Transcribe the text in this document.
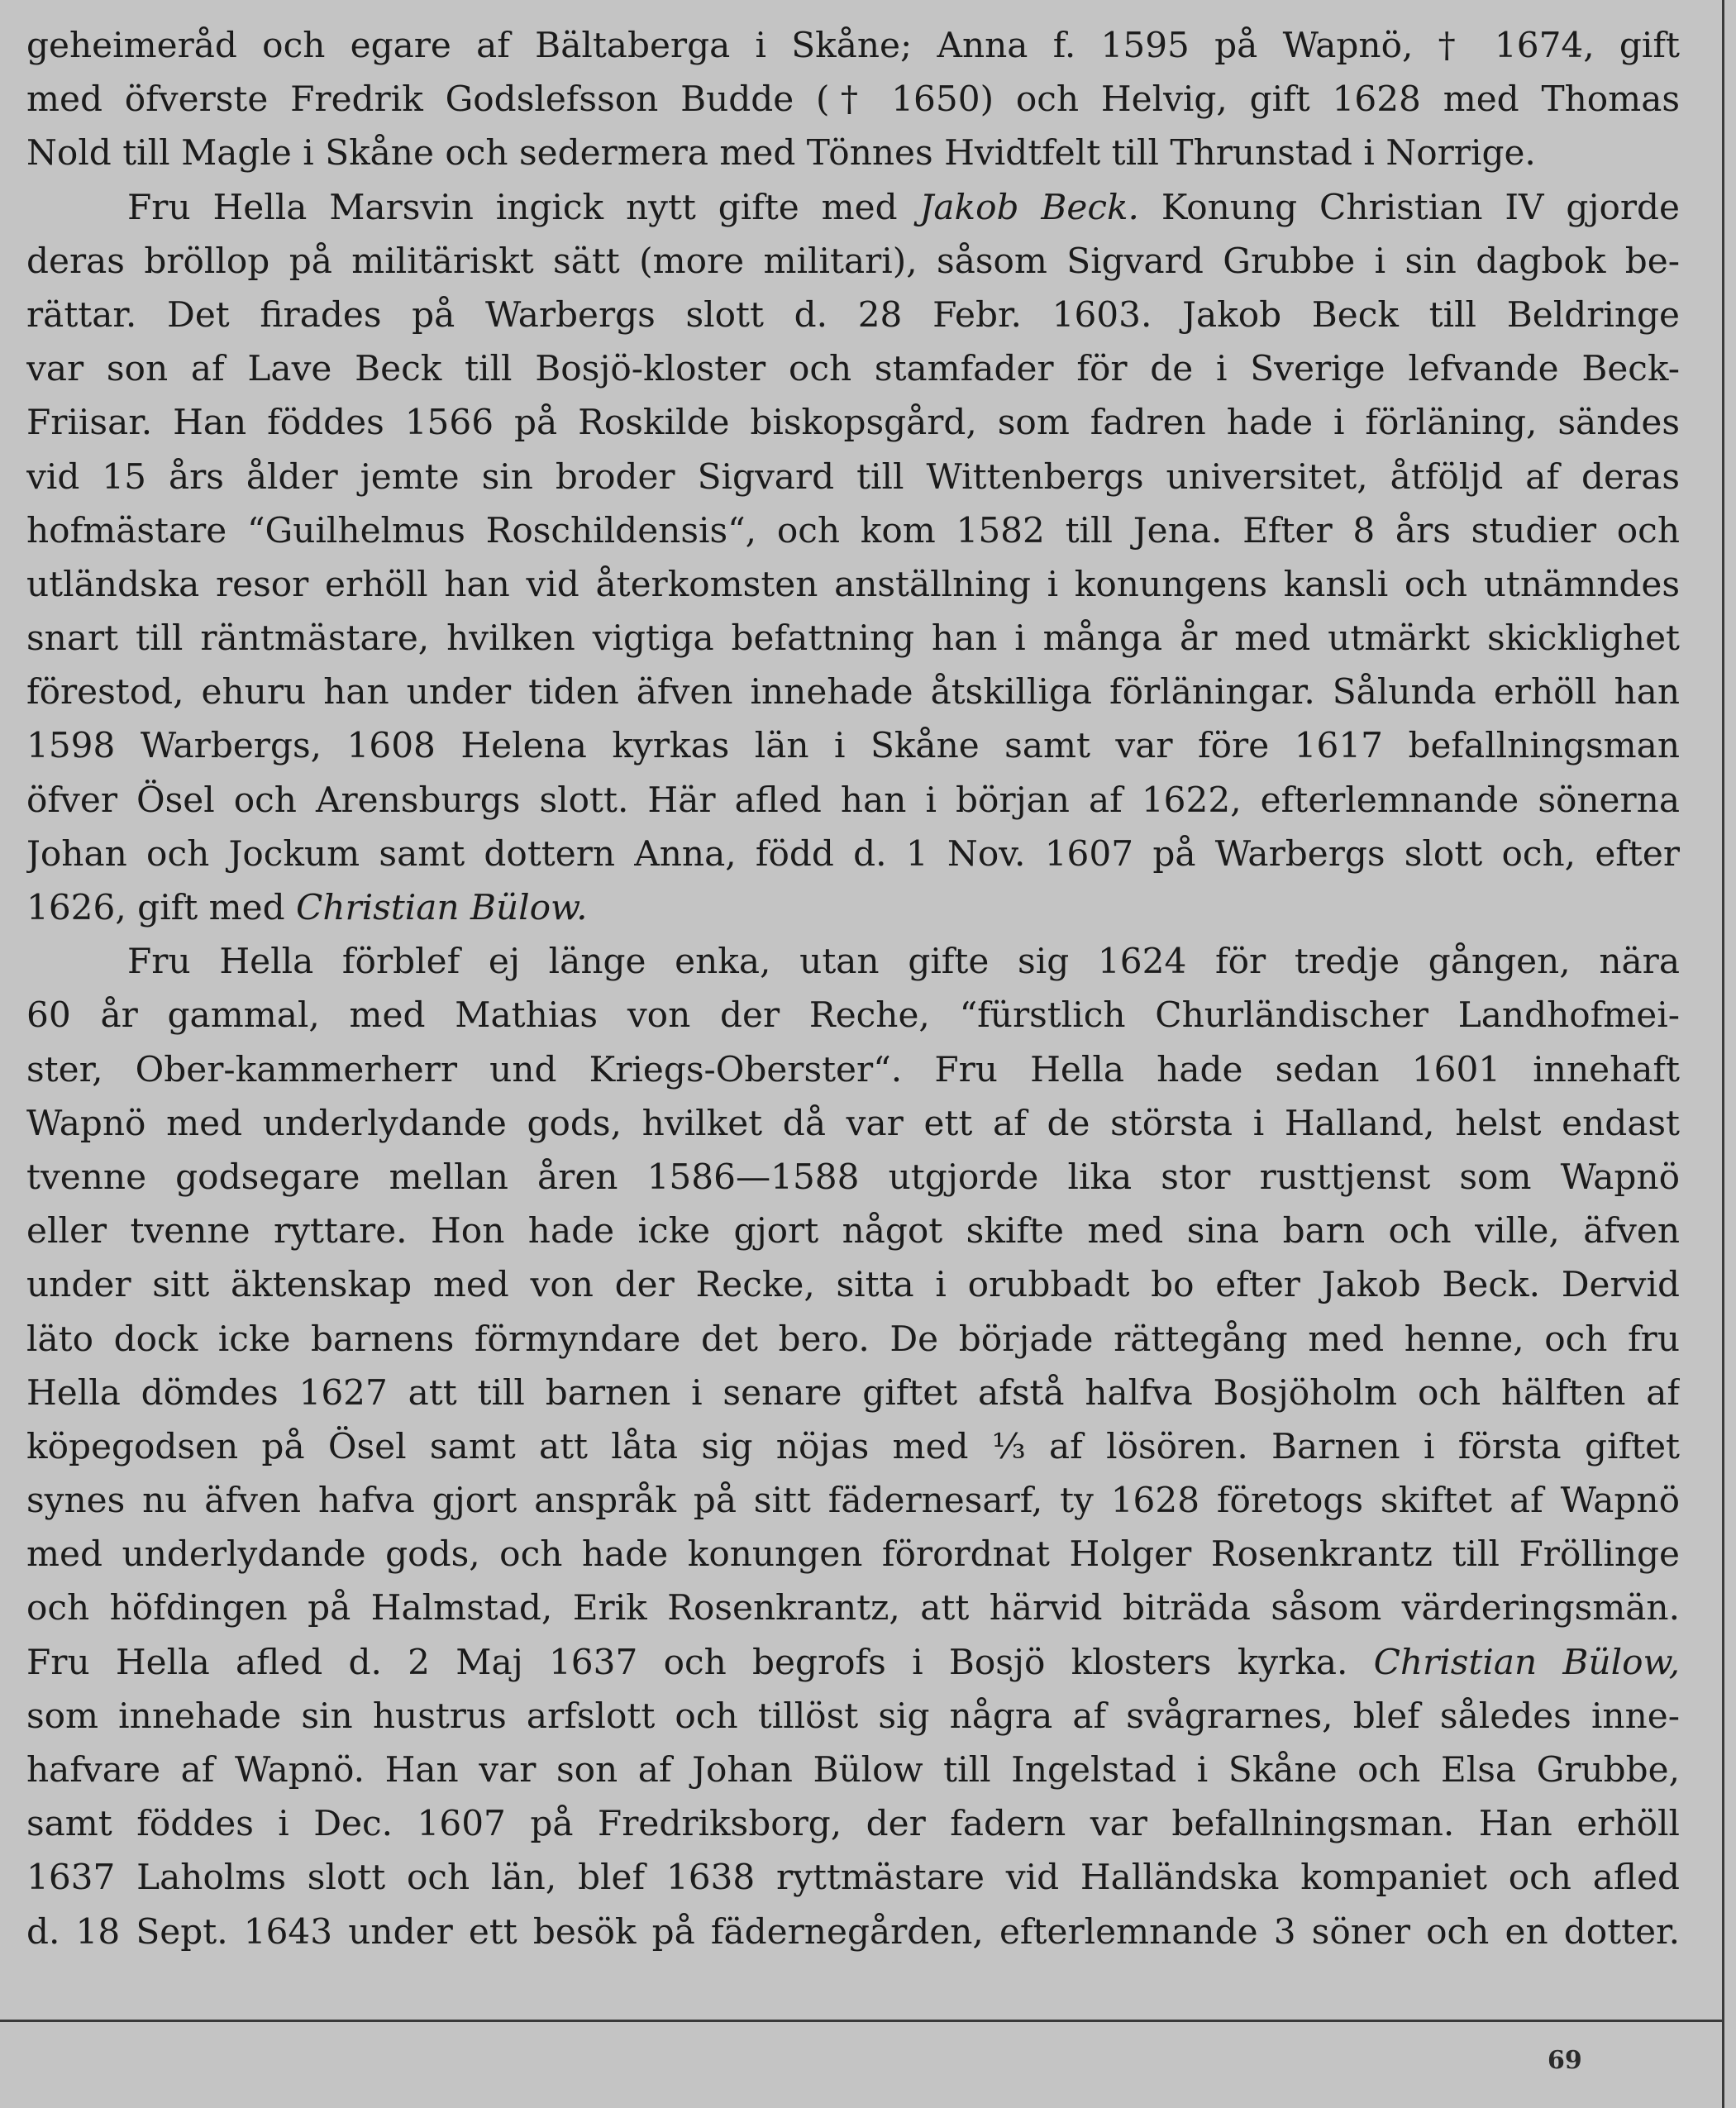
geheimeråd och egare af Bältaberga i Skåne; Anna f. 1595 på Wapnö, † 1674, gift
med öfverste Fredrik Godslefsson Budde († 1650) och Helvig, gift 1628 med Thomas
Nold till Magle i Skåne och sedermera med Tönnes Hvidtfelt till Thrunstad i Norrige.
Fru Hella Marsvin ingick nytt gifte med Jakob Beck. Konung Christian IV gjorde
deras bröllop på militäriskt sätt (more militari), såsom Sigvard Grubbe i sin dagbok be-
rättar. Det firades på Warbergs slott d. 28 Febr. 1603. Jakob Beck till Beldringe
var son af Lave Beck till Bosjö-kloster och stamfader för de i Sverige lefvande Beck-
Friisar. Han föddes 1566 på Roskilde biskopsgård, som fadren hade i förläning, sändes
vid 15 års ålder jemte sin broder Sigvard till Wittenbergs universitet, åtföljd af deras
hofmästare “Guilhelmus Roschildensis“, och kom 1582 till Jena. Efter 8 års studier och
utländska resor erhöll han vid återkomsten anställning i konungens kansli och utnämndes
snart till räntmästare, hvilken vigtiga befattning han i många år med utmärkt skicklighet
förestod, ehuru han under tiden äfven innehade åtskilliga förläningar. Sålunda erhöll han
1598 Warbergs, 1608 Helena kyrkas län i Skåne samt var före 1617 befallningsman
öfver Ösel och Arensburgs slott. Här afled han i början af 1622, efterlemnande sönerna
Johan och Jockum samt dottern Anna, född d. 1 Nov. 1607 på Warbergs slott och, efter
1626, gift med Christian Bülow.
Fru Hella förblef ej länge enka, utan gifte sig 1624 för tredje gången, nära
60 år gammal, med Mathias von der Reche, “fürstlich Churländischer Landhofmei-
ster, Ober-kammerherr und Kriegs-Oberster“. Fru Hella hade sedan 1601 innehaft
Wapnö med underlydande gods, hvilket då var ett af de största i Halland, helst endast
tvenne godsegare mellan åren 1586—1588 utgjorde lika stor rusttjenst som Wapnö
eller tvenne ryttare. Hon hade icke gjort något skifte med sina barn och ville, äfven
under sitt äktenskap med von der Recke, sitta i orubbadt bo efter Jakob Beck. Dervid
läto dock icke barnens förmyndare det bero. De började rättegång med henne, och fru
Hella dömdes 1627 att till barnen i senare giftet afstå halfva Bosjöholm och hälften af
köpegodsen på Ösel samt att låta sig nöjas med ⅓ af lösören. Barnen i första giftet
synes nu äfven hafva gjort anspråk på sitt fädernesarf, ty 1628 företogs skiftet af Wapnö
med underlydande gods, och hade konungen förordnat Holger Rosenkrantz till Fröllinge
och höfdingen på Halmstad, Erik Rosenkrantz, att härvid biträda såsom värderingsmän.
Fru Hella afled d. 2 Maj 1637 och begrofs i Bosjö klosters kyrka. Christian Bülow,
som innehade sin hustrus arfslott och tillöst sig några af svågrarnes, blef således inne-
hafvare af Wapnö. Han var son af Johan Bülow till Ingelstad i Skåne och Elsa Grubbe,
samt föddes i Dec. 1607 på Fredriksborg, der fadern var befallningsman. Han erhöll
1637 Laholms slott och län, blef 1638 ryttmästare vid Halländska kompaniet och afled
d. 18 Sept. 1643 under ett besök på fädernegården, efterlemnande 3 söner och en dotter.
69
